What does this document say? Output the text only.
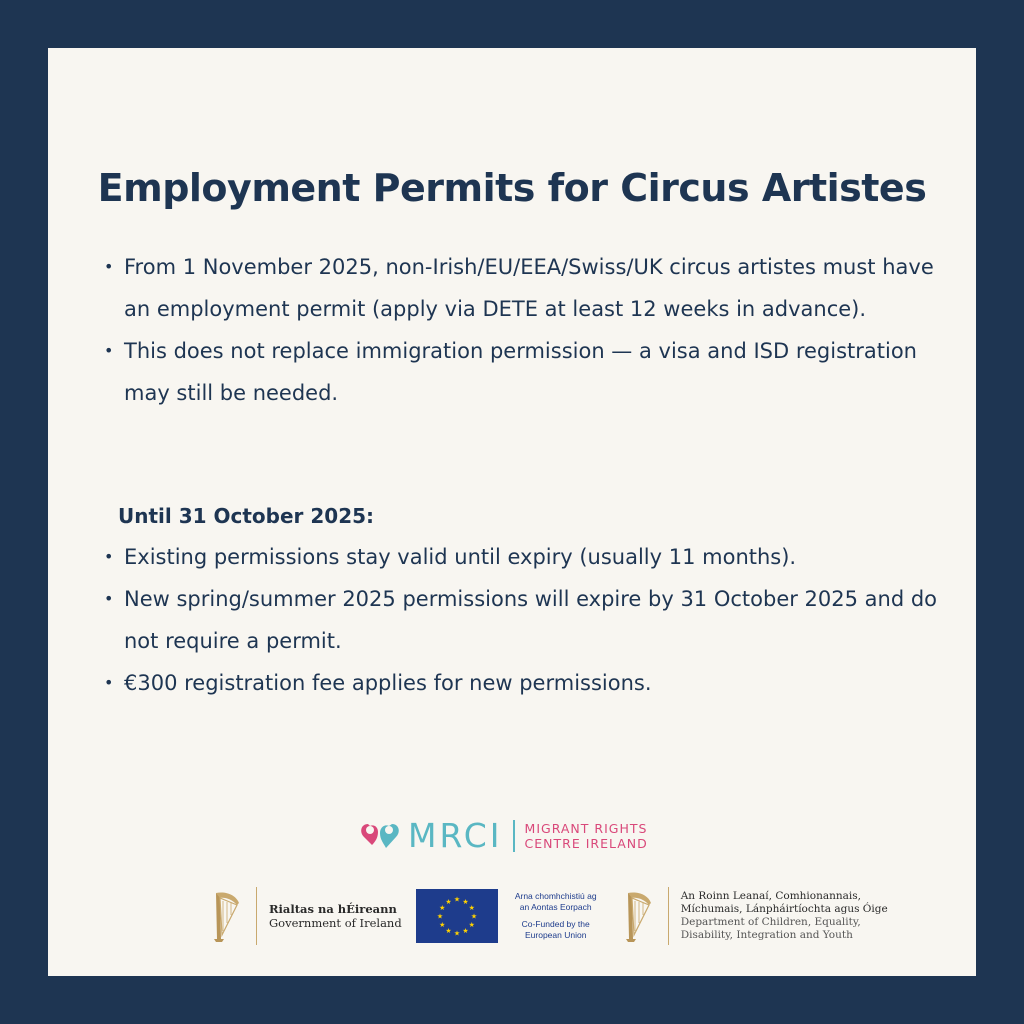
Employment Permits for Circus Artistes
• From 1 November 2025, non-Irish/EU/EEA/Swiss/UK circus artistes must have an employment permit (apply via DETE at least 12 weeks in advance).
• This does not replace immigration permission — a visa and ISD registration may still be needed.
Until 31 October 2025:
• Existing permissions stay valid until expiry (usually 11 months).
• New spring/summer 2025 permissions will expire by 31 October 2025 and do not require a permit.
• €300 registration fee applies for new permissions.
MRCI MIGRANT RIGHTS
CENTRE IRELAND
Rialtas na hÉireann
Government of Ireland	★
★
★
★
★
★
★
★
★ ★ ★
★
Arna chomhchistiú ag
an Aontas Eorpach
Co-Funded by the
European Union
An Roinn Leanaí, Comhionannais,
Míchumais, Lánpháirtíochta agus Óige
Department of Children, Equality,
Disability, Integration and Youth
